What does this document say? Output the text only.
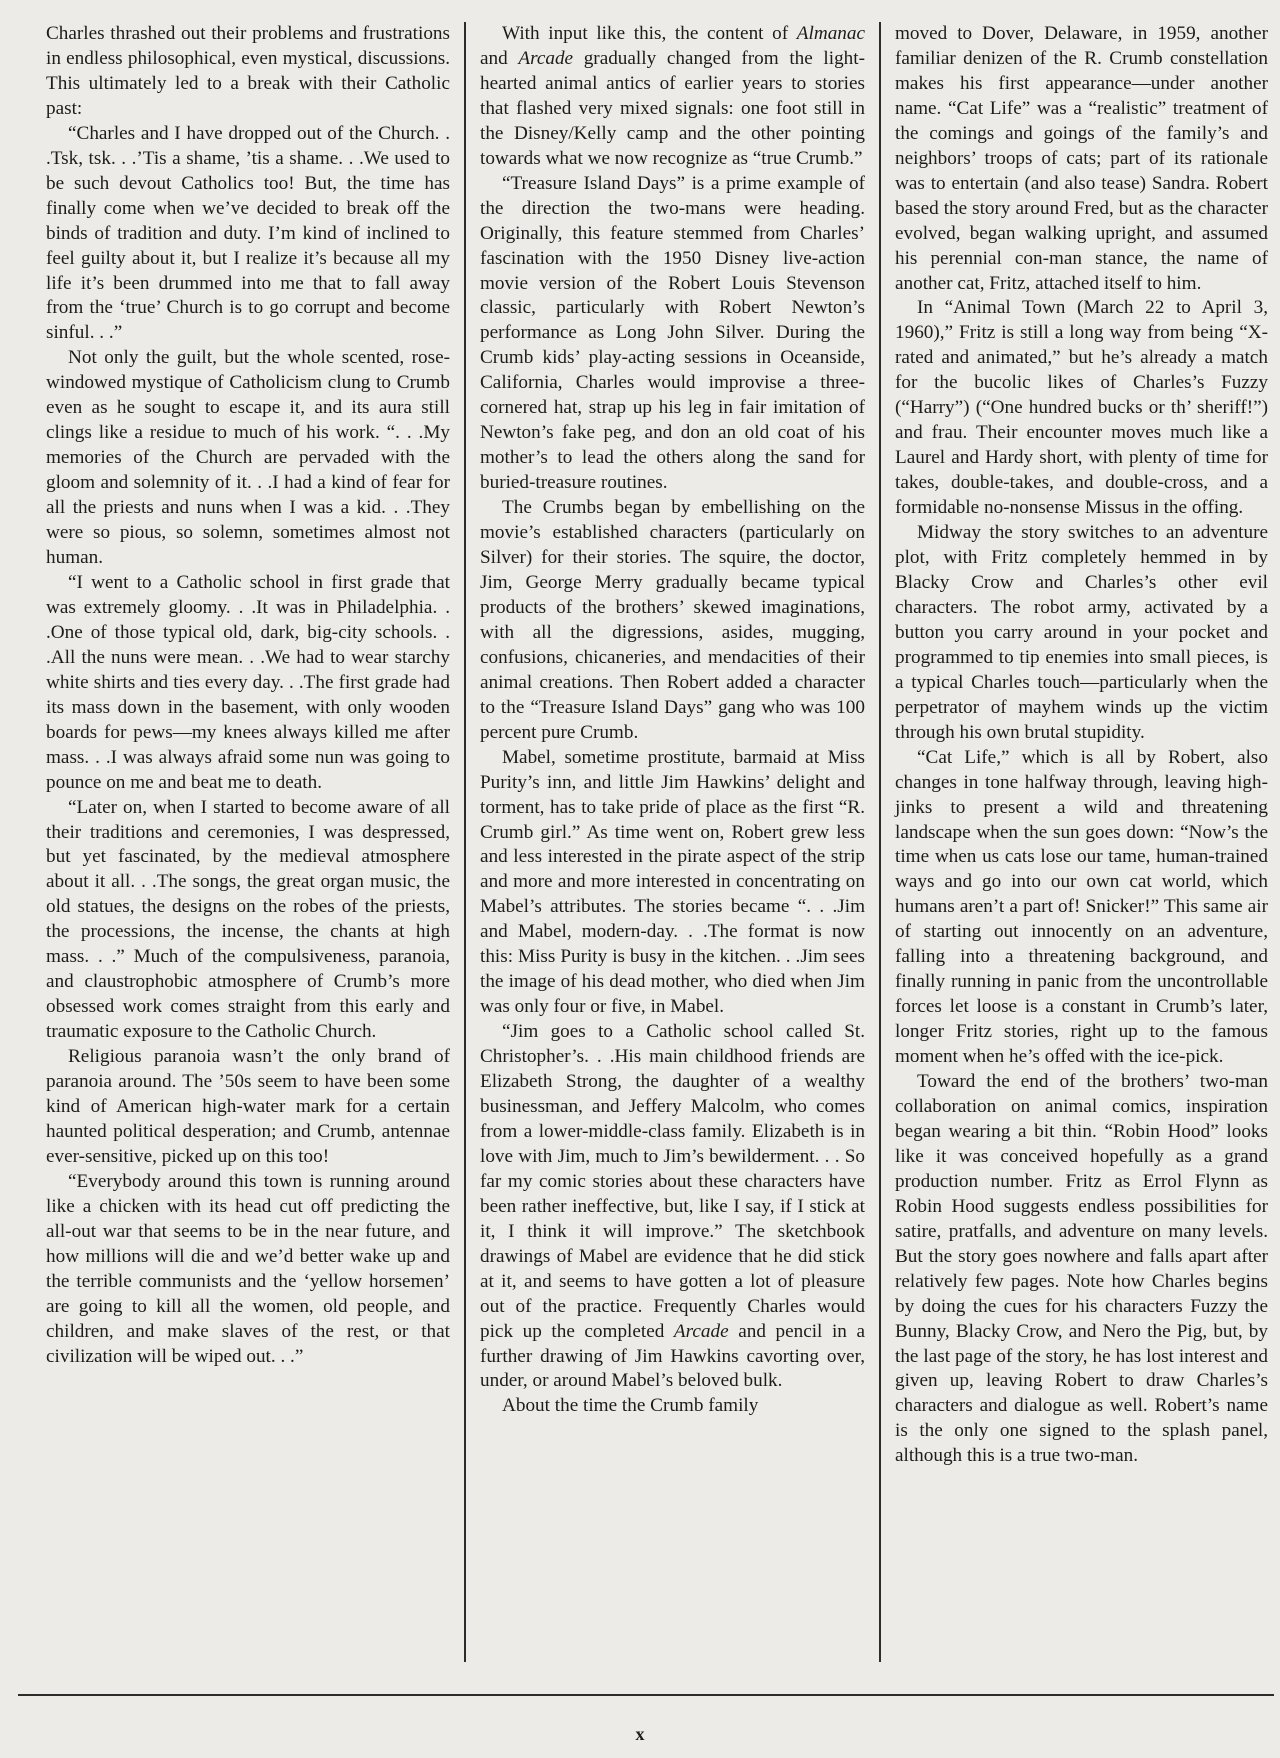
Charles thrashed out their problems and frustrations in endless philosophical, even mystical, discussions. This ultimately led to a break with their Catholic past:

“Charles and I have dropped out of the Church. . .Tsk, tsk. . .’Tis a shame, ’tis a shame. . .We used to be such devout Catholics too! But, the time has finally come when we’ve decided to break off the binds of tradition and duty. I’m kind of inclined to feel guilty about it, but I realize it’s because all my life it’s been drummed into me that to fall away from the ‘true’ Church is to go corrupt and become sinful. . .”

Not only the guilt, but the whole scented, rose-windowed mystique of Catholicism clung to Crumb even as he sought to escape it, and its aura still clings like a residue to much of his work. “. . .My memories of the Church are pervaded with the gloom and solemnity of it. . .I had a kind of fear for all the priests and nuns when I was a kid. . .They were so pious, so solemn, sometimes almost not human.

“I went to a Catholic school in first grade that was extremely gloomy. . .It was in Philadelphia. . .One of those typical old, dark, big-city schools. . .All the nuns were mean. . .We had to wear starchy white shirts and ties every day. . .The first grade had its mass down in the basement, with only wooden boards for pews—my knees always killed me after mass. . .I was always afraid some nun was going to pounce on me and beat me to death.

“Later on, when I started to become aware of all their traditions and ceremonies, I was despressed, but yet fascinated, by the medieval atmosphere about it all. . .The songs, the great organ music, the old statues, the designs on the robes of the priests, the processions, the incense, the chants at high mass. . .” Much of the compulsiveness, paranoia, and claustrophobic atmosphere of Crumb’s more obsessed work comes straight from this early and traumatic exposure to the Catholic Church.

Religious paranoia wasn’t the only brand of paranoia around. The ’50s seem to have been some kind of American high-water mark for a certain haunted political desperation; and Crumb, antennae ever-sensitive, picked up on this too!

“Everybody around this town is running around like a chicken with its head cut off predicting the all-out war that seems to be in the near future, and how millions will die and we’d better wake up and the terrible communists and the ‘yellow horsemen’ are going to kill all the women, old people, and children, and make slaves of the rest, or that civilization will be wiped out. . .”

With input like this, the content of Almanac and Arcade gradually changed from the light-hearted animal antics of earlier years to stories that flashed very mixed signals: one foot still in the Disney/Kelly camp and the other pointing towards what we now recognize as “true Crumb.”

“Treasure Island Days” is a prime example of the direction the two-mans were heading. Originally, this feature stemmed from Charles’ fascination with the 1950 Disney live-action movie version of the Robert Louis Stevenson classic, particularly with Robert Newton’s performance as Long John Silver. During the Crumb kids’ play-acting sessions in Oceanside, California, Charles would improvise a three-cornered hat, strap up his leg in fair imitation of Newton’s fake peg, and don an old coat of his mother’s to lead the others along the sand for buried-treasure routines.

The Crumbs began by embellishing on the movie’s established characters (particularly on Silver) for their stories. The squire, the doctor, Jim, George Merry gradually became typical products of the brothers’ skewed imaginations, with all the digressions, asides, mugging, confusions, chicaneries, and mendacities of their animal creations. Then Robert added a character to the “Treasure Island Days” gang who was 100 percent pure Crumb.

Mabel, sometime prostitute, barmaid at Miss Purity’s inn, and little Jim Hawkins’ delight and torment, has to take pride of place as the first “R. Crumb girl.” As time went on, Robert grew less and less interested in the pirate aspect of the strip and more and more interested in concentrating on Mabel’s attributes. The stories became “. . .Jim and Mabel, modern-day. . .The format is now this: Miss Purity is busy in the kitchen. . .Jim sees the image of his dead mother, who died when Jim was only four or five, in Mabel.

“Jim goes to a Catholic school called St. Christopher’s. . .His main childhood friends are Elizabeth Strong, the daughter of a wealthy businessman, and Jeffery Malcolm, who comes from a lower-middle-class family. Elizabeth is in love with Jim, much to Jim’s bewilderment. . . So far my comic stories about these characters have been rather ineffective, but, like I say, if I stick at it, I think it will improve.” The sketchbook drawings of Mabel are evidence that he did stick at it, and seems to have gotten a lot of pleasure out of the practice. Frequently Charles would pick up the completed Arcade and pencil in a further drawing of Jim Hawkins cavorting over, under, or around Mabel’s beloved bulk.

About the time the Crumb family

moved to Dover, Delaware, in 1959, another familiar denizen of the R. Crumb constellation makes his first appearance—under another name. “Cat Life” was a “realistic” treatment of the comings and goings of the family’s and neighbors’ troops of cats; part of its rationale was to entertain (and also tease) Sandra. Robert based the story around Fred, but as the character evolved, began walking upright, and assumed his perennial con-man stance, the name of another cat, Fritz, attached itself to him.

In “Animal Town (March 22 to April 3, 1960),” Fritz is still a long way from being “X-rated and animated,” but he’s already a match for the bucolic likes of Charles’s Fuzzy (“Harry”) (“One hundred bucks or th’ sheriff!”) and frau. Their encounter moves much like a Laurel and Hardy short, with plenty of time for takes, double-takes, and double-cross, and a formidable no-nonsense Missus in the offing.

Midway the story switches to an adventure plot, with Fritz completely hemmed in by Blacky Crow and Charles’s other evil characters. The robot army, activated by a button you carry around in your pocket and programmed to tip enemies into small pieces, is a typical Charles touch—particularly when the perpetrator of mayhem winds up the victim through his own brutal stupidity.

“Cat Life,” which is all by Robert, also changes in tone halfway through, leaving high-jinks to present a wild and threatening landscape when the sun goes down: “Now’s the time when us cats lose our tame, human-trained ways and go into our own cat world, which humans aren’t a part of! Snicker!” This same air of starting out innocently on an adventure, falling into a threatening background, and finally running in panic from the uncontrollable forces let loose is a constant in Crumb’s later, longer Fritz stories, right up to the famous moment when he’s offed with the ice-pick.

Toward the end of the brothers’ two-man collaboration on animal comics, inspiration began wearing a bit thin. “Robin Hood” looks like it was conceived hopefully as a grand production number. Fritz as Errol Flynn as Robin Hood suggests endless possibilities for satire, pratfalls, and adventure on many levels. But the story goes nowhere and falls apart after relatively few pages. Note how Charles begins by doing the cues for his characters Fuzzy the Bunny, Blacky Crow, and Nero the Pig, but, by the last page of the story, he has lost interest and given up, leaving Robert to draw Charles’s characters and dialogue as well. Robert’s name is the only one signed to the splash panel, although this is a true two-man.

x
